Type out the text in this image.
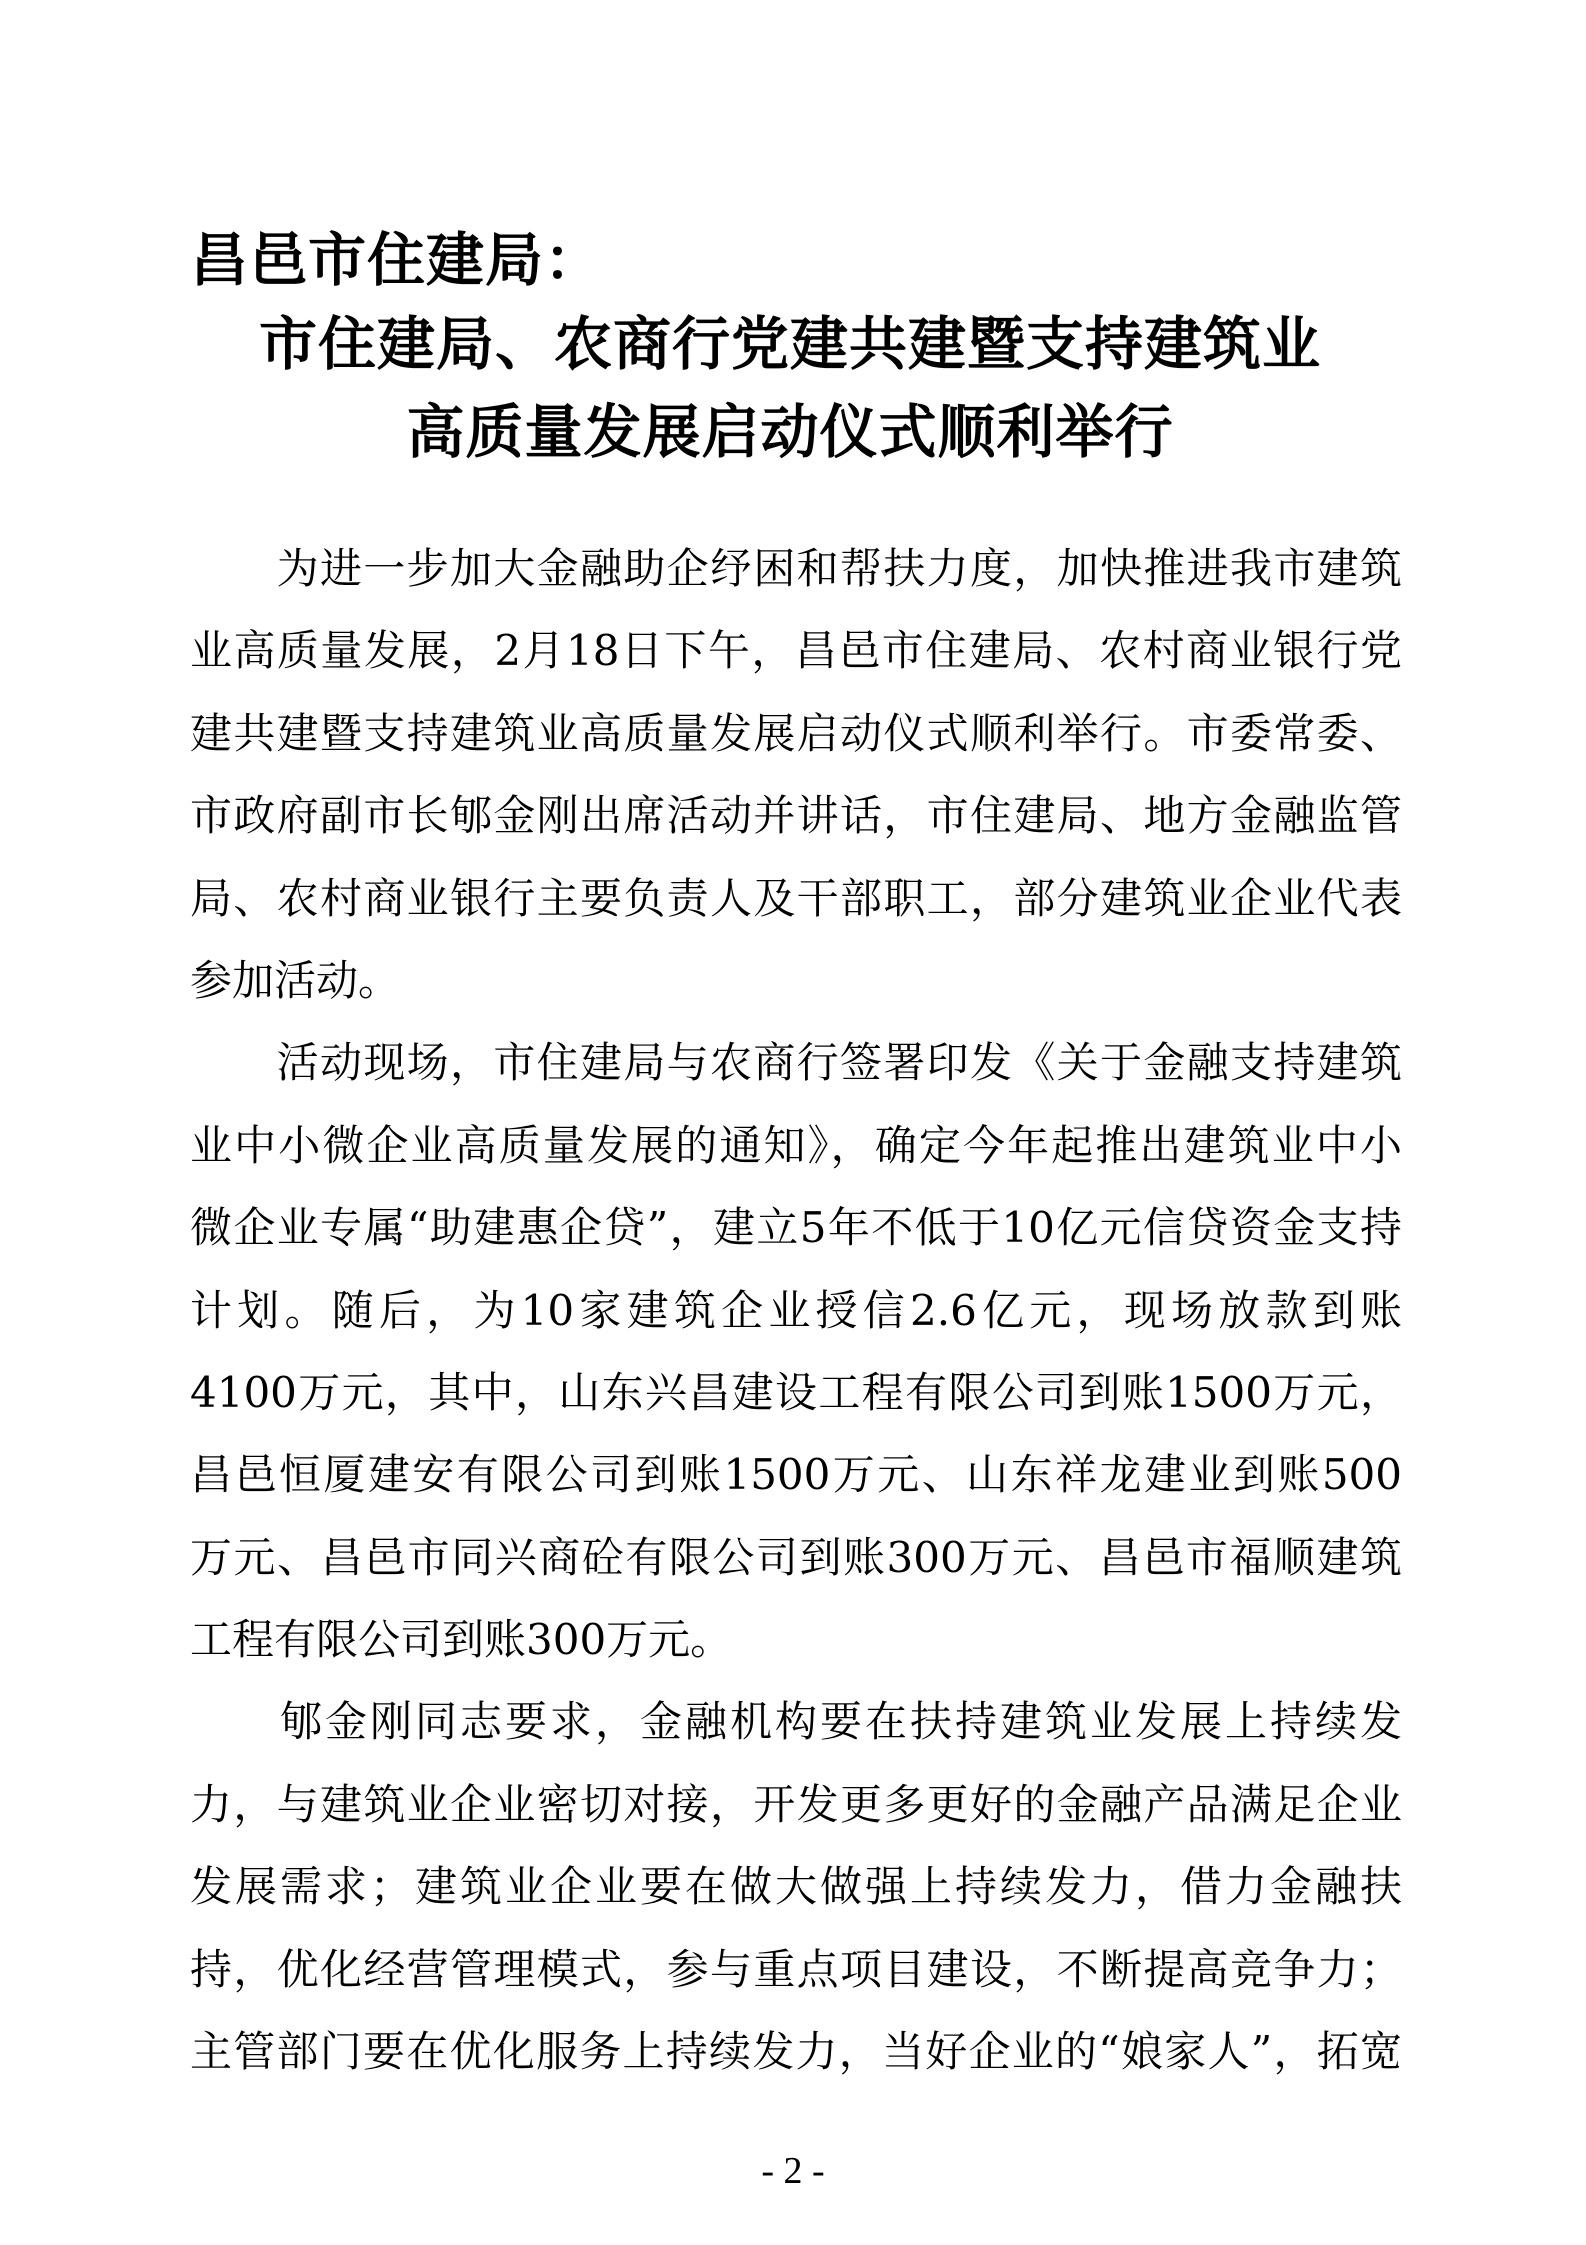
昌邑市住建局：
市住建局、农商行党建共建暨支持建筑业
高质量发展启动仪式顺利举行
　　为进一步加大金融助企纾困和帮扶力度，加快推进我市建筑
业高质量发展，2月18日下午，昌邑市住建局、农村商业银行党
建共建暨支持建筑业高质量发展启动仪式顺利举行。市委常委、
市政府副市长郇金刚出席活动并讲话，市住建局、地方金融监管
局、农村商业银行主要负责人及干部职工，部分建筑业企业代表
参加活动。
　　活动现场，市住建局与农商行签署印发《关于金融支持建筑
业中小微企业高质量发展的通知》，确定今年起推出建筑业中小
微企业专属“助建惠企贷”，建立5年不低于10亿元信贷资金支持
计划。随后，为10家建筑企业授信2.6亿元，现场放款到账
4100万元，其中，山东兴昌建设工程有限公司到账1500万元，
昌邑恒厦建安有限公司到账1500万元、山东祥龙建业到账500
万元、昌邑市同兴商砼有限公司到账300万元、昌邑市福顺建筑
工程有限公司到账300万元。
　　郇金刚同志要求，金融机构要在扶持建筑业发展上持续发
力，与建筑业企业密切对接，开发更多更好的金融产品满足企业
发展需求；建筑业企业要在做大做强上持续发力，借力金融扶
持，优化经营管理模式，参与重点项目建设，不断提高竞争力；
主管部门要在优化服务上持续发力，当好企业的“娘家人”，拓宽
- 2 -
